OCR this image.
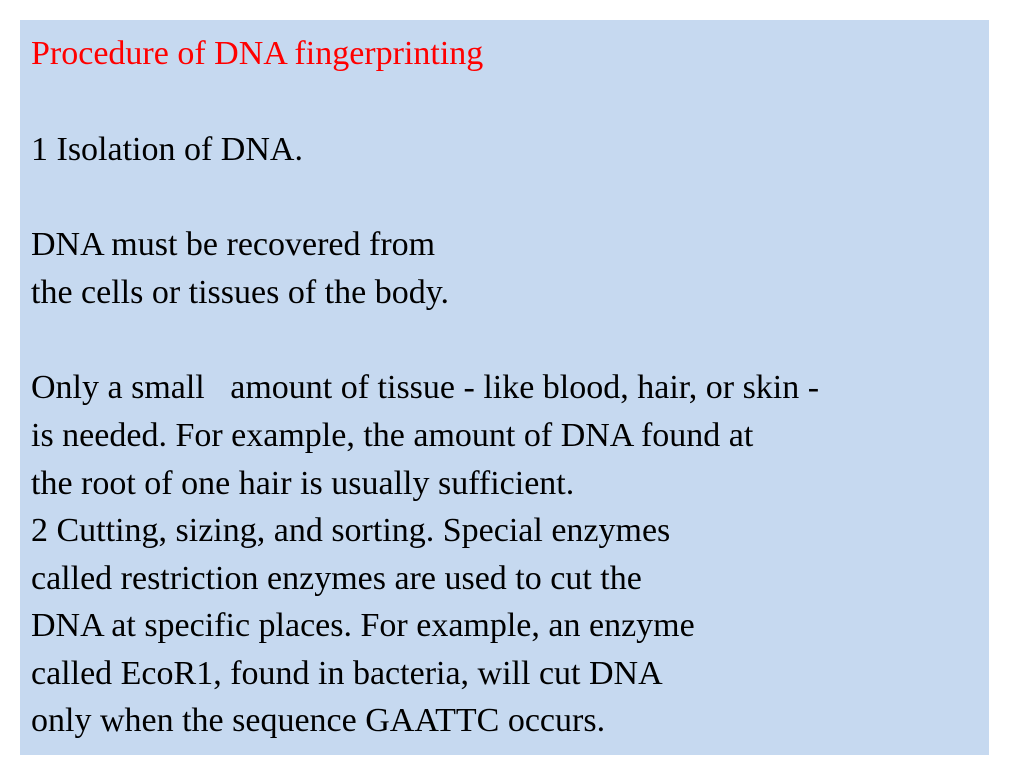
Procedure of DNA fingerprinting
1 Isolation of DNA.
DNA must be recovered from
the cells or tissues of the body.
Only a small   amount of tissue - like blood, hair, or skin -
is needed. For example, the amount of DNA found at
the root of one hair is usually sufficient.
2 Cutting, sizing, and sorting. Special enzymes
called restriction enzymes are used to cut the
DNA at specific places. For example, an enzyme
called EcoR1, found in bacteria, will cut DNA
only when the sequence GAATTC occurs.
